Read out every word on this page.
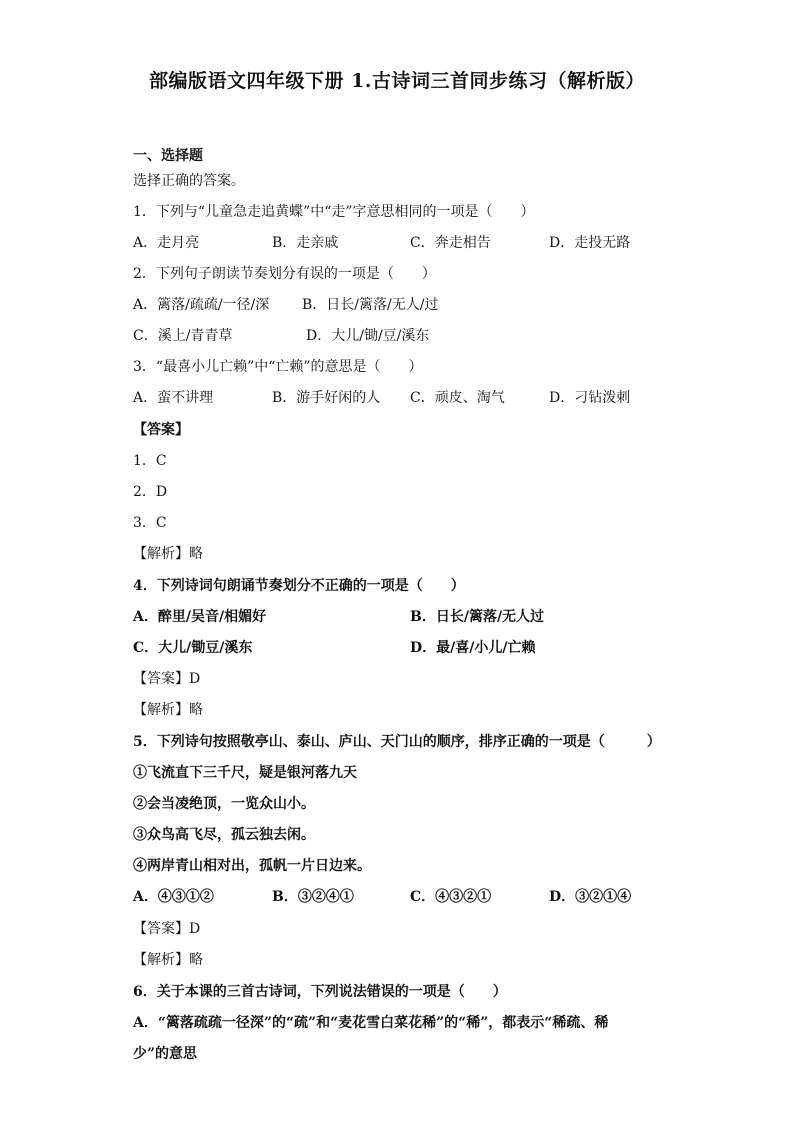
部编版语文四年级下册 1.古诗词三首同步练习（解析版）
一、选择题
选择正确的答案。
1．下列与“儿童急走追黄蝶”中“走”字意思相同的一项是（　　）
A．走月亮	B．走亲戚	C．奔走相告	D．走投无路
2．下列句子朗读节奏划分有误的一项是（　　）
A．篱落/疏疏/一径/深 B．日长/篱落/无人/过
C．溪上/青青草	D．大儿/锄/豆/溪东
3．“最喜小儿亡赖”中“亡赖”的意思是（　　）
A．蛮不讲理	B．游手好闲的人 C．顽皮、淘气	D．刁钻泼刺
【答案】
1．C
2．D
3．C
【解析】略
4．下列诗词句朗诵节奏划分不正确的一项是（　　）
A．醉里/吴音/相媚好	B．日长/篱落/无人过
C．大儿/锄豆/溪东	D．最/喜/小儿/亡赖
【答案】D
【解析】略
5．下列诗句按照敬亭山、泰山、庐山、天门山的顺序，排序正确的一项是（　　　）
①飞流直下三千尺，疑是银河落九天
②会当凌绝顶，一览众山小。
③众鸟高飞尽，孤云独去闲。
④两岸青山相对出，孤帆一片日边来。
A．④③①②	B．③②④①	C．④③②①	D．③②①④
【答案】D
【解析】略
6．关于本课的三首古诗词，下列说法错误的一项是（　　）
A．“篱落疏疏一径深”的“疏”和“麦花雪白菜花稀”的“稀”，都表示“稀疏、稀
少”的意思
